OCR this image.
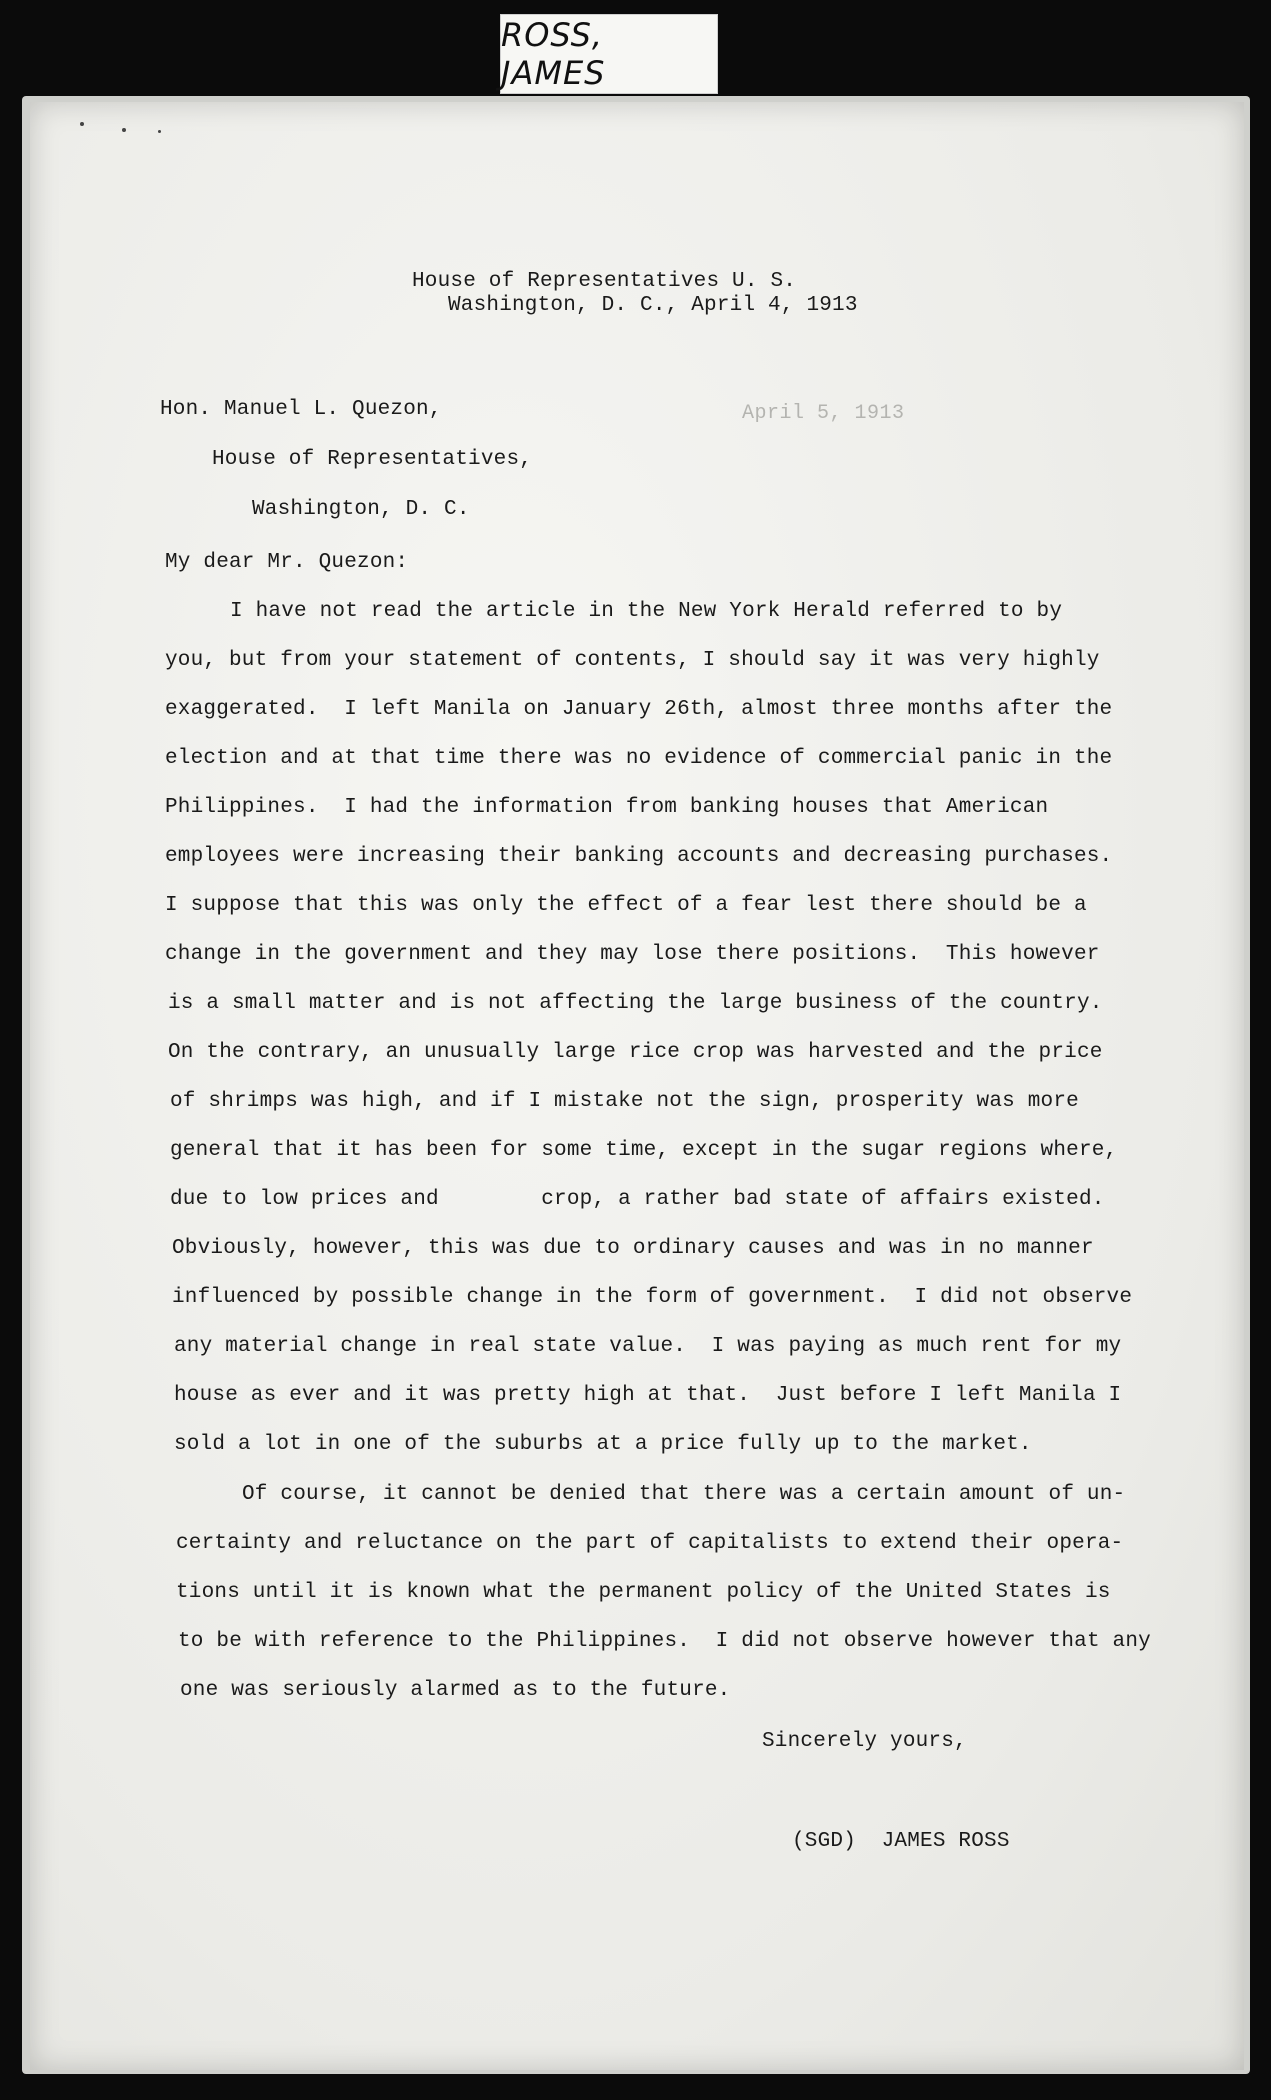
ROSS, JAMES
House of Representatives U. S.
Washington, D. C., April 4, 1913
April 5, 1913
Hon. Manuel L. Quezon,
House of Representatives,
Washington, D. C.
My dear Mr. Quezon:
I have not read the article in the New York Herald referred to by
you, but from your statement of contents, I should say it was very highly
exaggerated.  I left Manila on January 26th, almost three months after the
election and at that time there was no evidence of commercial panic in the
Philippines.  I had the information from banking houses that American
employees were increasing their banking accounts and decreasing purchases.
I suppose that this was only the effect of a fear lest there should be a
change in the government and they may lose there positions.  This however
is a small matter and is not affecting the large business of the country.
On the contrary, an unusually large rice crop was harvested and the price
of shrimps was high, and if I mistake not the sign, prosperity was more
general that it has been for some time, except in the sugar regions where,
due to low prices and        crop, a rather bad state of affairs existed.
Obviously, however, this was due to ordinary causes and was in no manner
influenced by possible change in the form of government.  I did not observe
any material change in real state value.  I was paying as much rent for my
house as ever and it was pretty high at that.  Just before I left Manila I
sold a lot in one of the suburbs at a price fully up to the market.
Of course, it cannot be denied that there was a certain amount of un-
certainty and reluctance on the part of capitalists to extend their opera-
tions until it is known what the permanent policy of the United States is
to be with reference to the Philippines.  I did not observe however that any
one was seriously alarmed as to the future.
Sincerely yours,
(SGD)  JAMES ROSS
